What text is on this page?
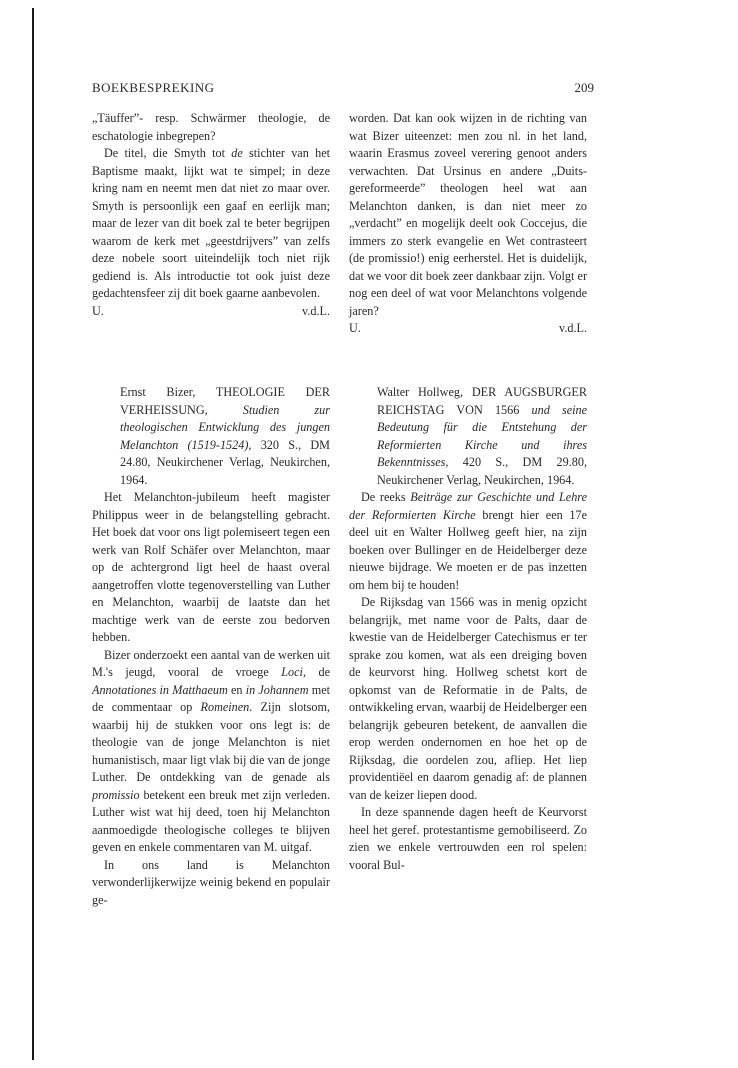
BOEKBESPREKING	209

„Täuffer”- resp. Schwärmer theologie, de eschatologie inbegrepen?

De titel, die Smyth tot de stichter van het Baptisme maakt, lijkt wat te simpel; in deze kring nam en neemt men dat niet zo maar over. Smyth is persoonlijk een gaaf en eerlijk man; maar de lezer van dit boek zal te beter begrijpen waarom de kerk met „geestdrijvers” van zelfs deze nobele soort uiteindelijk toch niet rijk gediend is. Als introductie tot ook juist deze gedachtensfeer zij dit boek gaarne aanbevolen.

U.	v.d.L.

worden. Dat kan ook wijzen in de richting van wat Bizer uiteenzet: men zou nl. in het land, waarin Erasmus zoveel verering genoot anders verwachten. Dat Ursinus en andere „Duits-gereformeerde” theologen heel wat aan Melanchton danken, is dan niet meer zo „verdacht” en mogelijk deelt ook Coccejus, die immers zo sterk evangelie en Wet contrasteert (de promissio!) enig eerherstel. Het is duidelijk, dat we voor dit boek zeer dankbaar zijn. Volgt er nog een deel of wat voor Melanchtons volgende jaren?

U.	v.d.L.

Ernst Bizer, THEOLOGIE DER VERHEISSUNG, Studien zur theologischen Entwicklung des jungen Melanchton (1519-1524), 320 S., DM 24.80, Neukirchener Verlag, Neukirchen, 1964.

Het Melanchton-jubileum heeft magister Philippus weer in de belangstelling gebracht. Het boek dat voor ons ligt polemiseert tegen een werk van Rolf Schäfer over Melanchton, maar op de achtergrond ligt heel de haast overal aangetroffen vlotte tegenoverstelling van Luther en Melanchton, waarbij de laatste dan het machtige werk van de eerste zou bedorven hebben.

Bizer onderzoekt een aantal van de werken uit M.'s jeugd, vooral de vroege Loci, de Annotationes in Matthaeum en in Johannem met de commentaar op Romeinen. Zijn slotsom, waarbij hij de stukken voor ons legt is: de theologie van de jonge Melanchton is niet humanistisch, maar ligt vlak bij die van de jonge Luther. De ontdekking van de genade als promissio betekent een breuk met zijn verleden. Luther wist wat hij deed, toen hij Melanchton aanmoedigde theologische colleges te blijven geven en enkele commentaren van M. uitgaf.

In ons land is Melanchton verwonderlijkerwijze weinig bekend en populair ge-

Walter Hollweg, DER AUGSBURGER REICHSTAG VON 1566 und seine Bedeutung für die Entstehung der Reformierten Kirche und ihres Bekenntnisses, 420 S., DM 29.80, Neukirchener Verlag, Neukirchen, 1964.

De reeks Beiträge zur Geschichte und Lehre der Reformierten Kirche brengt hier een 17e deel uit en Walter Hollweg geeft hier, na zijn boeken over Bullinger en de Heidelberger deze nieuwe bijdrage. We moeten er de pas inzetten om hem bij te houden!

De Rijksdag van 1566 was in menig opzicht belangrijk, met name voor de Palts, daar de kwestie van de Heidelberger Catechismus er ter sprake zou komen, wat als een dreiging boven de keurvorst hing. Hollweg schetst kort de opkomst van de Reformatie in de Palts, de ontwikkeling ervan, waarbij de Heidelberger een belangrijk gebeuren betekent, de aanvallen die erop werden ondernomen en hoe het op de Rijksdag, die oordelen zou, afliep. Het liep providentiëel en daarom genadig af: de plannen van de keizer liepen dood.

In deze spannende dagen heeft de Keurvorst heel het geref. protestantisme gemobiliseerd. Zo zien we enkele vertrouwden een rol spelen: vooral Bul-
